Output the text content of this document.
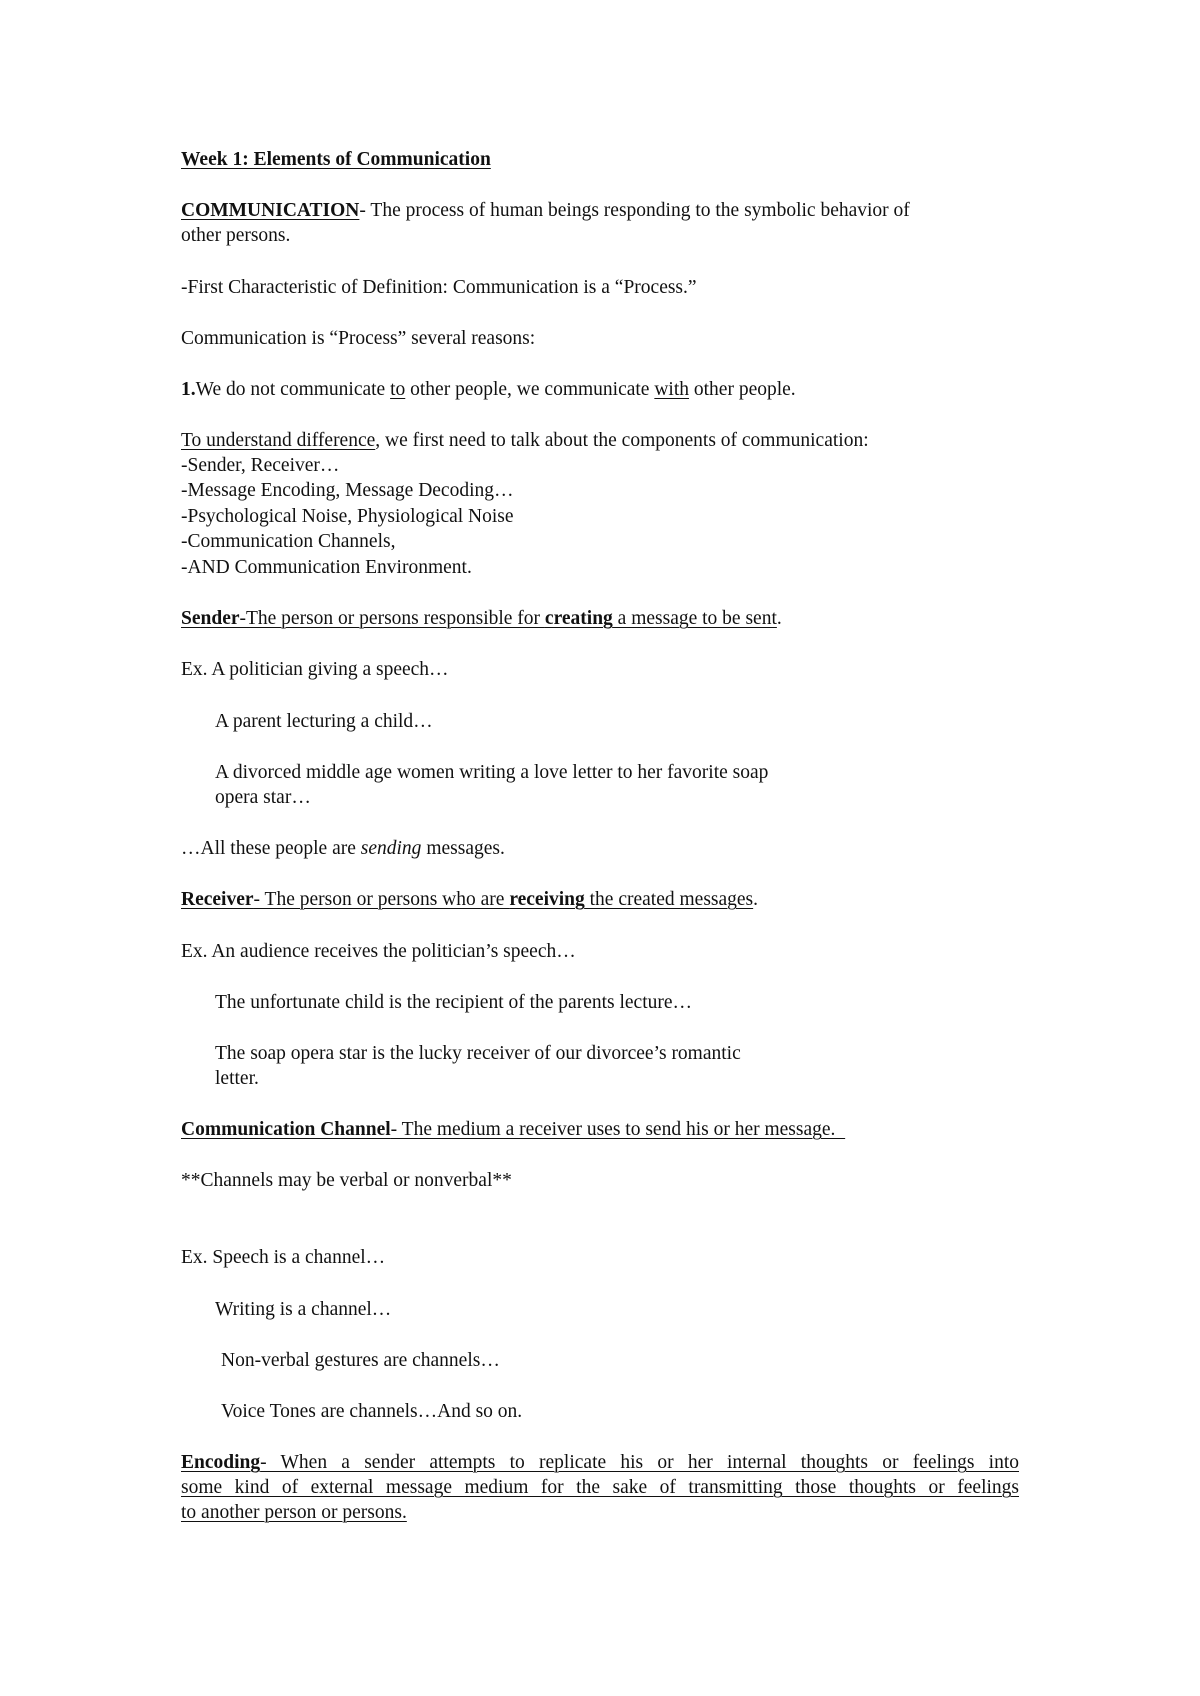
Week 1: Elements of Communication

COMMUNICATION- The process of human beings responding to the symbolic behavior of

other persons.

-First Characteristic of Definition: Communication is a “Process.”

Communication is “Process” several reasons:

1.We do not communicate to other people, we communicate with other people.

To understand difference, we first need to talk about the components of communication:

-Sender, Receiver…

-Message Encoding, Message Decoding…

-Psychological Noise, Physiological Noise

-Communication Channels,

-AND Communication Environment.

Sender-The person or persons responsible for creating a message to be sent.

Ex. A politician giving a speech…

A parent lecturing a child…

A divorced middle age women writing a love letter to her favorite soap

opera star…

…All these people are sending messages.

Receiver- The person or persons who are receiving the created messages.

Ex. An audience receives the politician’s speech…

The unfortunate child is the recipient of the parents lecture…

The soap opera star is the lucky receiver of our divorcee’s romantic

letter.

Communication Channel- The medium a receiver uses to send his or her message.

**Channels may be verbal or nonverbal**

Ex. Speech is a channel…

Writing is a channel…

Non-verbal gestures are channels…

Voice Tones are channels…And so on.

Encoding- When a sender attempts to replicate his or her internal thoughts or feelings into

some kind of external message medium for the sake of transmitting those thoughts or feelings

to another person or persons.
